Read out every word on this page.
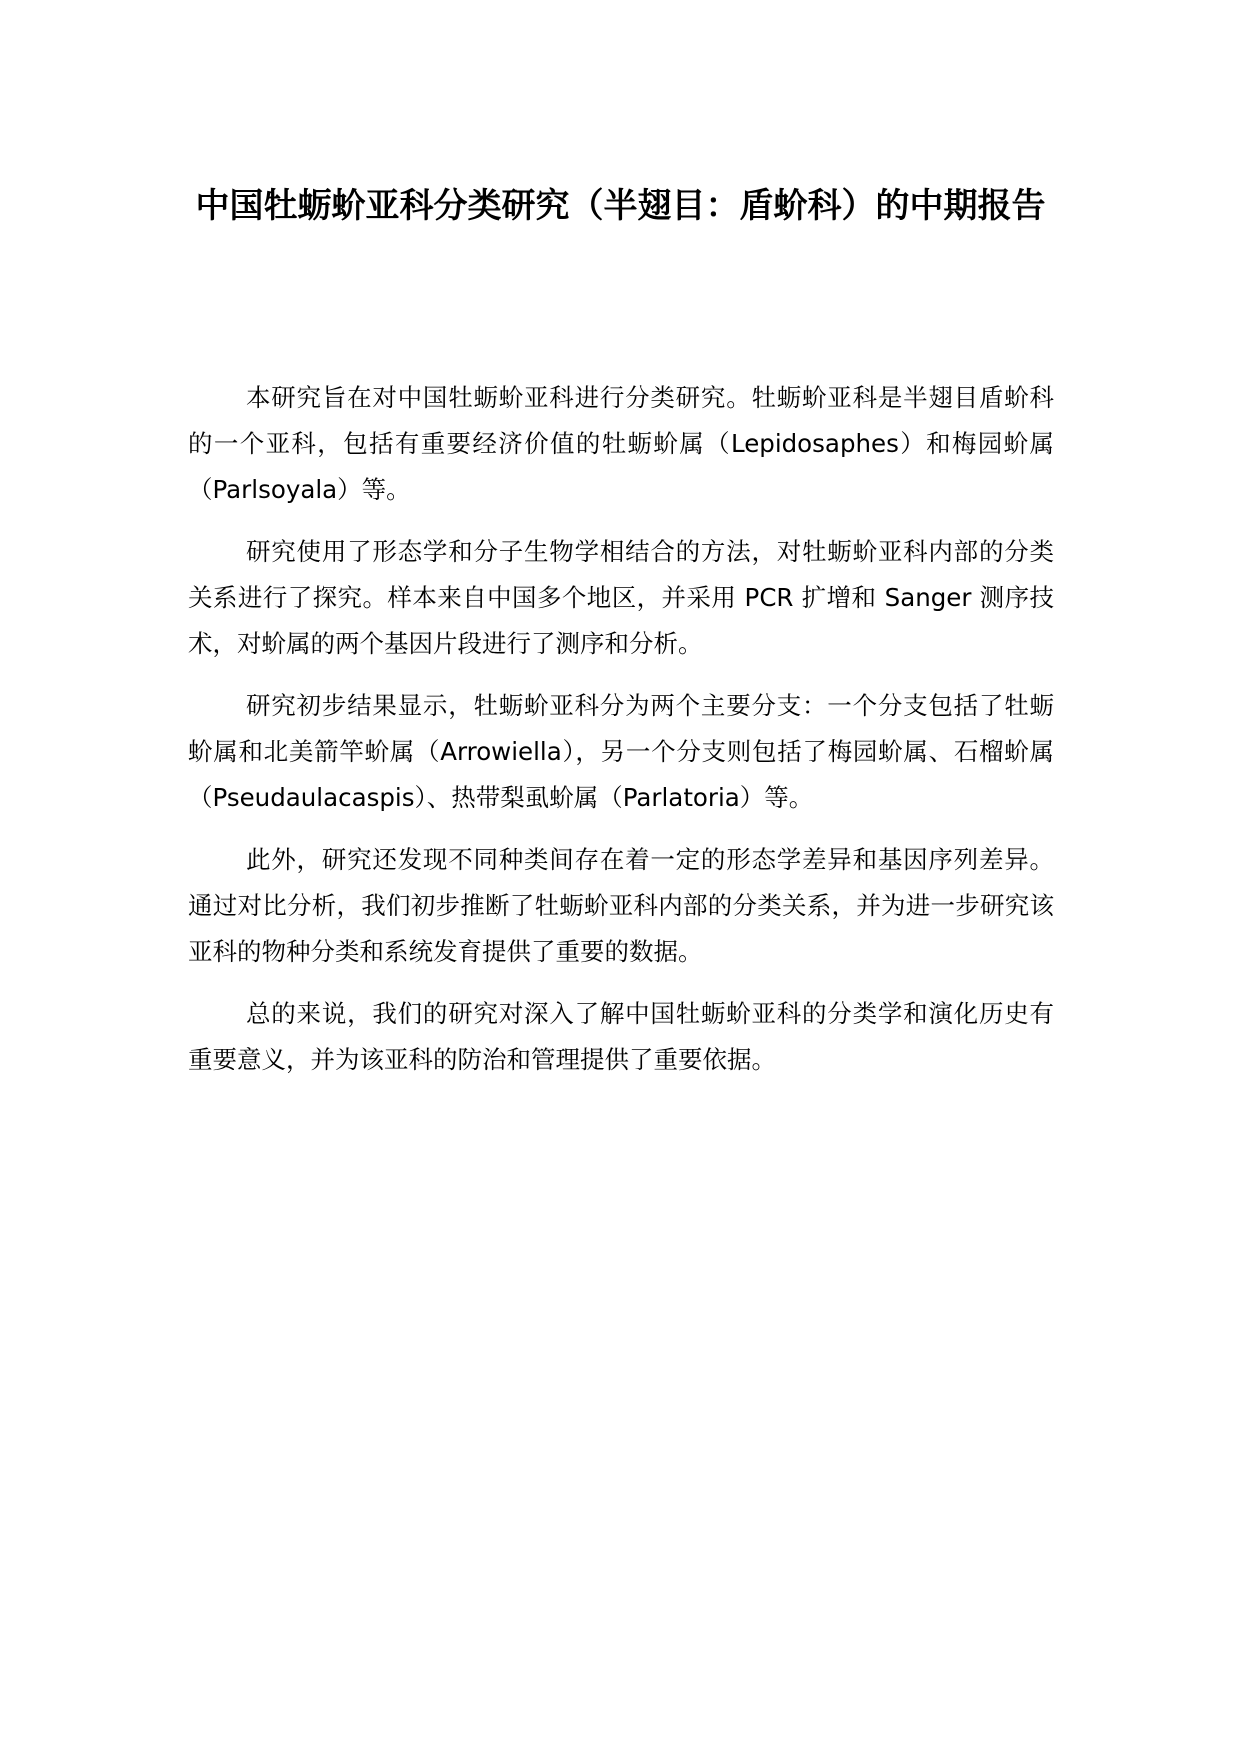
中国牡蛎蚧亚科分类研究（半翅目：盾蚧科）的中期报告

本研究旨在对中国牡蛎蚧亚科进行分类研究。牡蛎蚧亚科是半翅目盾蚧科的一个亚科，包括有重要经济价值的牡蛎蚧属（Lepidosaphes）和梅园蚧属（Parlsoyala）等。

研究使用了形态学和分子生物学相结合的方法，对牡蛎蚧亚科内部的分类关系进行了探究。样本来自中国多个地区，并采用 PCR 扩增和 Sanger 测序技术，对蚧属的两个基因片段进行了测序和分析。

研究初步结果显示，牡蛎蚧亚科分为两个主要分支：一个分支包括了牡蛎蚧属和北美箭竿蚧属（Arrowiella），另一个分支则包括了梅园蚧属、石榴蚧属（Pseudaulacaspis）、热带梨虱蚧属（Parlatoria）等。

此外，研究还发现不同种类间存在着一定的形态学差异和基因序列差异。通过对比分析，我们初步推断了牡蛎蚧亚科内部的分类关系，并为进一步研究该亚科的物种分类和系统发育提供了重要的数据。

总的来说，我们的研究对深入了解中国牡蛎蚧亚科的分类学和演化历史有重要意义，并为该亚科的防治和管理提供了重要依据。
